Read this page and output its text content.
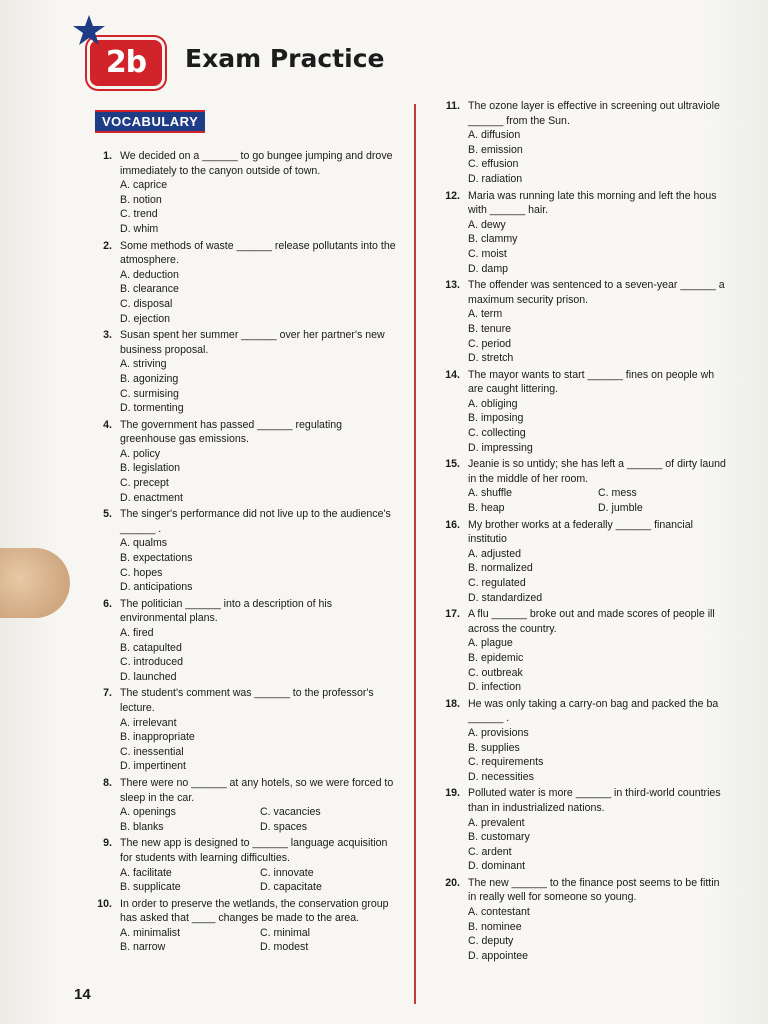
2b	Exam Practice
VOCABULARY
1. We decided on a ______ to go bungee jumping and drove immediately to the canyon outside of town.
A. caprice
B. notion
C. trend
D. whim
2. Some methods of waste ______ release pollutants into the atmosphere.
A. deduction
B. clearance
C. disposal
D. ejection
3. Susan spent her summer ______ over her partner's new business proposal.
A. striving
B. agonizing
C. surmising
D. tormenting
4. The government has passed ______ regulating greenhouse gas emissions.
A. policy
B. legislation
C. precept
D. enactment
5. The singer's performance did not live up to the audience's ______ .
A. qualms
B. expectations
C. hopes
D. anticipations
6. The politician ______ into a description of his environmental plans.
A. fired
B. catapulted
C. introduced
D. launched
7. The student's comment was ______ to the professor's lecture.
A. irrelevant
B. inappropriate
C. inessential
D. impertinent
8. There were no ______ at any hotels, so we were forced to sleep in the car.
A. openings	C. vacancies
B. blanks	D. spaces
9. The new app is designed to ______ language acquisition for students with learning difficulties.
A. facilitate	C. innovate
B. supplicate	D. capacitate
10. In order to preserve the wetlands, the conservation group has asked that ____ changes be made to the area.
A. minimalist	C. minimal
B. narrow	D. modest
11. The ozone layer is effective in screening out ultraviole ______ from the Sun.
A. diffusion
B. emission
C. effusion
D. radiation
12. Maria was running late this morning and left the hous with ______ hair.
A. dewy
B. clammy
C. moist
D. damp
13. The offender was sentenced to a seven-year ______ a maximum security prison.
A. term
B. tenure
C. period
D. stretch
14. The mayor wants to start ______ fines on people wh are caught littering.
A. obliging
B. imposing
C. collecting
D. impressing
15. Jeanie is so untidy; she has left a ______ of dirty laund in the middle of her room.
A. shuffle	C. mess
B. heap	D. jumble
16. My brother works at a federally ______ financial institutio
A. adjusted
B. normalized
C. regulated
D. standardized
17. A flu ______ broke out and made scores of people ill across the country.
A. plague
B. epidemic
C. outbreak
D. infection
18. He was only taking a carry-on bag and packed the ba ______ .
A. provisions
B. supplies
C. requirements
D. necessities
19. Polluted water is more ______ in third-world countries than in industrialized nations.
A. prevalent
B. customary
C. ardent
D. dominant
20. The new ______ to the finance post seems to be fittin in really well for someone so young.
A. contestant
B. nominee
C. deputy
D. appointee
14
